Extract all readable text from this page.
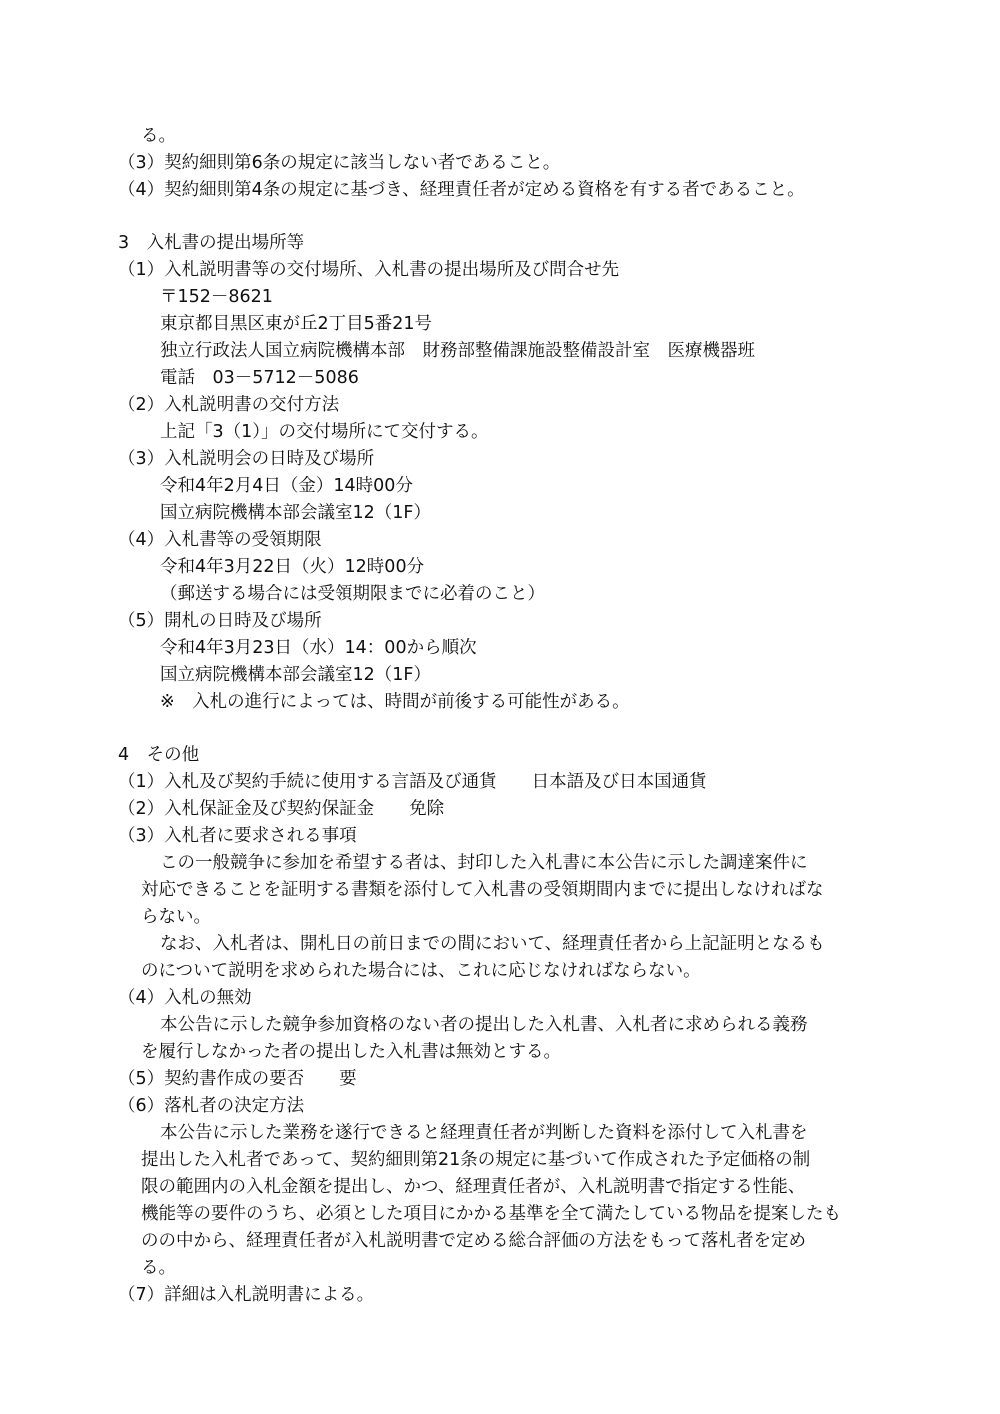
る。
（3）契約細則第6条の規定に該当しない者であること。
（4）契約細則第4条の規定に基づき、経理責任者が定める資格を有する者であること。
3　入札書の提出場所等
（1）入札説明書等の交付場所、入札書の提出場所及び問合せ先
〒152－8621
東京都目黒区東が丘2丁目5番21号
独立行政法人国立病院機構本部　財務部整備課施設整備設計室　医療機器班
電話　03－5712－5086
（2）入札説明書の交付方法
上記「3（1）」の交付場所にて交付する。
（3）入札説明会の日時及び場所
令和4年2月4日（金）14時00分
国立病院機構本部会議室12（1F）
（4）入札書等の受領期限
令和4年3月22日（火）12時00分
（郵送する場合には受領期限までに必着のこと）
（5）開札の日時及び場所
令和4年3月23日（水）14：00から順次
国立病院機構本部会議室12（1F）
※　入札の進行によっては、時間が前後する可能性がある。
4　その他
（1）入札及び契約手続に使用する言語及び通貨　　日本語及び日本国通貨
（2）入札保証金及び契約保証金　　免除
（3）入札者に要求される事項
この一般競争に参加を希望する者は、封印した入札書に本公告に示した調達案件に
対応できることを証明する書類を添付して入札書の受領期間内までに提出しなければな
らない。
なお、入札者は、開札日の前日までの間において、経理責任者から上記証明となるも
のについて説明を求められた場合には、これに応じなければならない。
（4）入札の無効
本公告に示した競争参加資格のない者の提出した入札書、入札者に求められる義務
を履行しなかった者の提出した入札書は無効とする。
（5）契約書作成の要否　　要
（6）落札者の決定方法
本公告に示した業務を遂行できると経理責任者が判断した資料を添付して入札書を
提出した入札者であって、契約細則第21条の規定に基づいて作成された予定価格の制
限の範囲内の入札金額を提出し、かつ、経理責任者が、入札説明書で指定する性能、
機能等の要件のうち、必須とした項目にかかる基準を全て満たしている物品を提案したも
のの中から、経理責任者が入札説明書で定める総合評価の方法をもって落札者を定め
る。
（7）詳細は入札説明書による。
